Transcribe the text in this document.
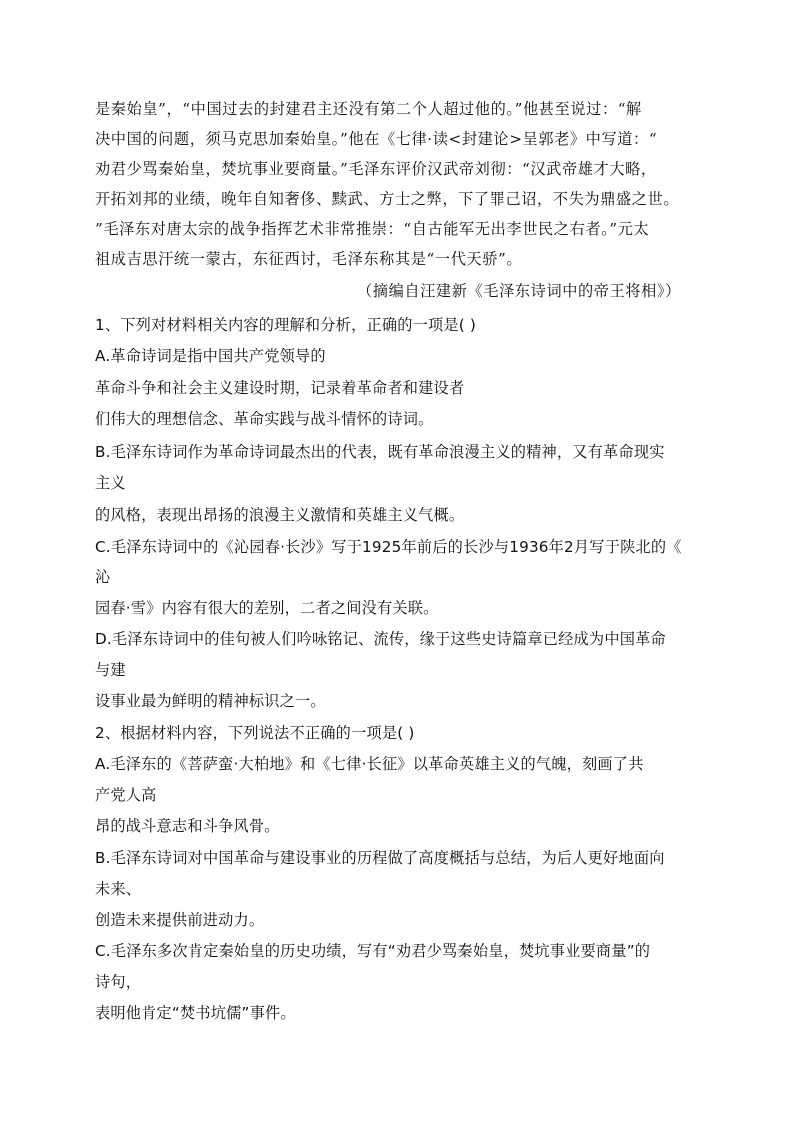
是秦始皇”，“中国过去的封建君主还没有第二个人超过他的。”他甚至说过：“解
决中国的问题，须马克思加秦始皇。”他在《七律·读<封建论>呈郭老》中写道：“
劝君少骂秦始皇，焚坑事业要商量。”毛泽东评价汉武帝刘彻：“汉武帝雄才大略，
开拓刘邦的业绩，晚年自知奢侈、黩武、方士之弊，下了罪己诏，不失为鼎盛之世。
”毛泽东对唐太宗的战争指挥艺术非常推崇：“自古能军无出李世民之右者。”元太
祖成吉思汗统一蒙古，东征西讨，毛泽东称其是“一代天骄”。
（摘编自汪建新《毛泽东诗词中的帝王将相》）
1、下列对材料相关内容的理解和分析，正确的一项是( )
A.革命诗词是指中国共产党领导的
革命斗争和社会主义建设时期，记录着革命者和建设者
们伟大的理想信念、革命实践与战斗情怀的诗词。
B.毛泽东诗词作为革命诗词最杰出的代表，既有革命浪漫主义的精神，又有革命现实
主义
的风格，表现出昂扬的浪漫主义激情和英雄主义气概。
C.毛泽东诗词中的《沁园春·长沙》写于1925年前后的长沙与1936年2月写于陕北的《
沁
园春·雪》内容有很大的差别，二者之间没有关联。
D.毛泽东诗词中的佳句被人们吟咏铭记、流传，缘于这些史诗篇章已经成为中国革命
与建
设事业最为鲜明的精神标识之一。
2、根据材料内容，下列说法不正确的一项是( )
A.毛泽东的《菩萨蛮·大柏地》和《七律·长征》以革命英雄主义的气魄，刻画了共
产党人高
昂的战斗意志和斗争风骨。
B.毛泽东诗词对中国革命与建设事业的历程做了高度概括与总结，为后人更好地面向
未来、
创造未来提供前进动力。
C.毛泽东多次肯定秦始皇的历史功绩，写有“劝君少骂秦始皇，焚坑事业要商量”的
诗句，
表明他肯定“焚书坑儒”事件。
